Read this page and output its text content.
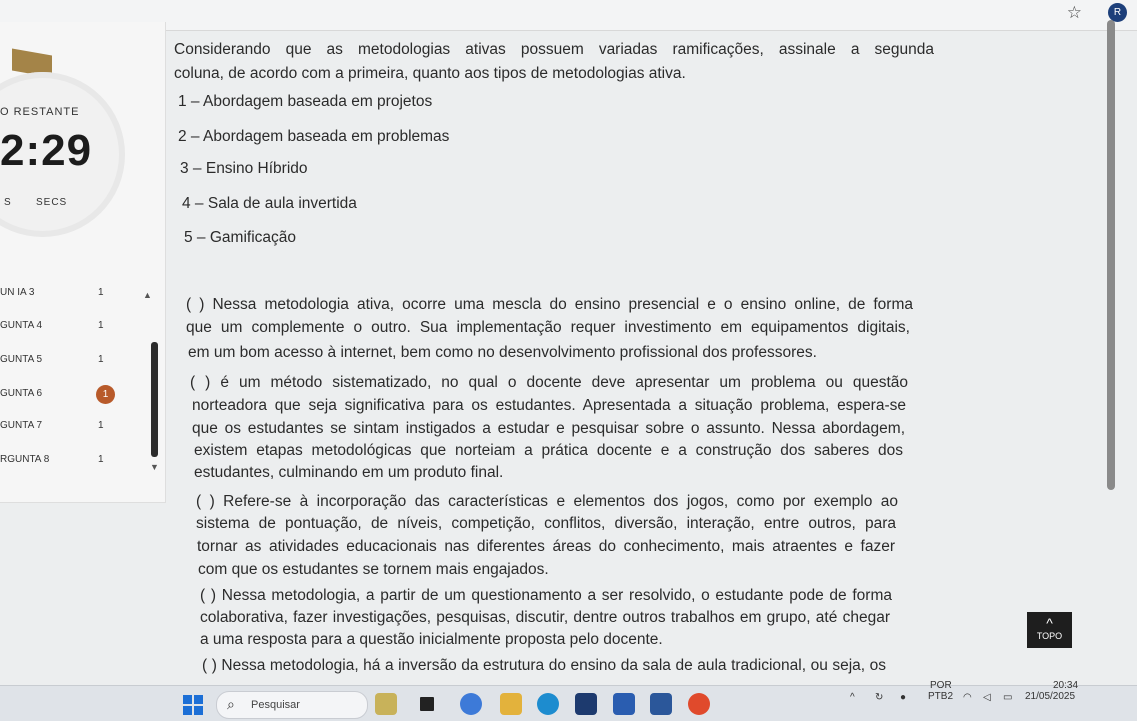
☆	R
O RESTANTE
2:29
S	SECS
▲
UN IA 3	1
GUNTA 4	1
GUNTA 5	1
GUNTA 6	1
GUNTA 7	1
RGUNTA 8	1
▼
Considerando que as metodologias ativas possuem variadas ramificações, assinale a segunda
coluna, de acordo com a primeira, quanto aos tipos de metodologias ativa.
1 – Abordagem baseada em projetos
2 – Abordagem baseada em problemas
3 – Ensino Híbrido
4 – Sala de aula invertida
5 – Gamificação
( ) Nessa metodologia ativa, ocorre uma mescla do ensino presencial e o ensino online, de forma
que um complemente o outro. Sua implementação requer investimento em equipamentos digitais,
em um bom acesso à internet, bem como no desenvolvimento profissional dos professores.
( ) é um método sistematizado, no qual o docente deve apresentar um problema ou questão
norteadora que seja significativa para os estudantes. Apresentada a situação problema, espera-se
que os estudantes se sintam instigados a estudar e pesquisar sobre o assunto. Nessa abordagem,
existem etapas metodológicas que norteiam a prática docente e a construção dos saberes dos
estudantes, culminando em um produto final.
( ) Refere-se à incorporação das características e elementos dos jogos, como por exemplo ao
sistema de pontuação, de níveis, competição, conflitos, diversão, interação, entre outros, para
tornar as atividades educacionais nas diferentes áreas do conhecimento, mais atraentes e fazer
com que os estudantes se tornem mais engajados.
( ) Nessa metodologia, a partir de um questionamento a ser resolvido, o estudante pode de forma
colaborativa, fazer investigações, pesquisas, discutir, dentre outros trabalhos em grupo, até chegar
a uma resposta para a questão inicialmente proposta pelo docente.
( ) Nessa metodologia, há a inversão da estrutura do ensino da sala de aula tradicional, ou seja, os
^
TOPO
⌕ Pesquisar
^ ↻ ●
POR
PTB2 ◠ ◁ ▭
20:34
21/05/2025
